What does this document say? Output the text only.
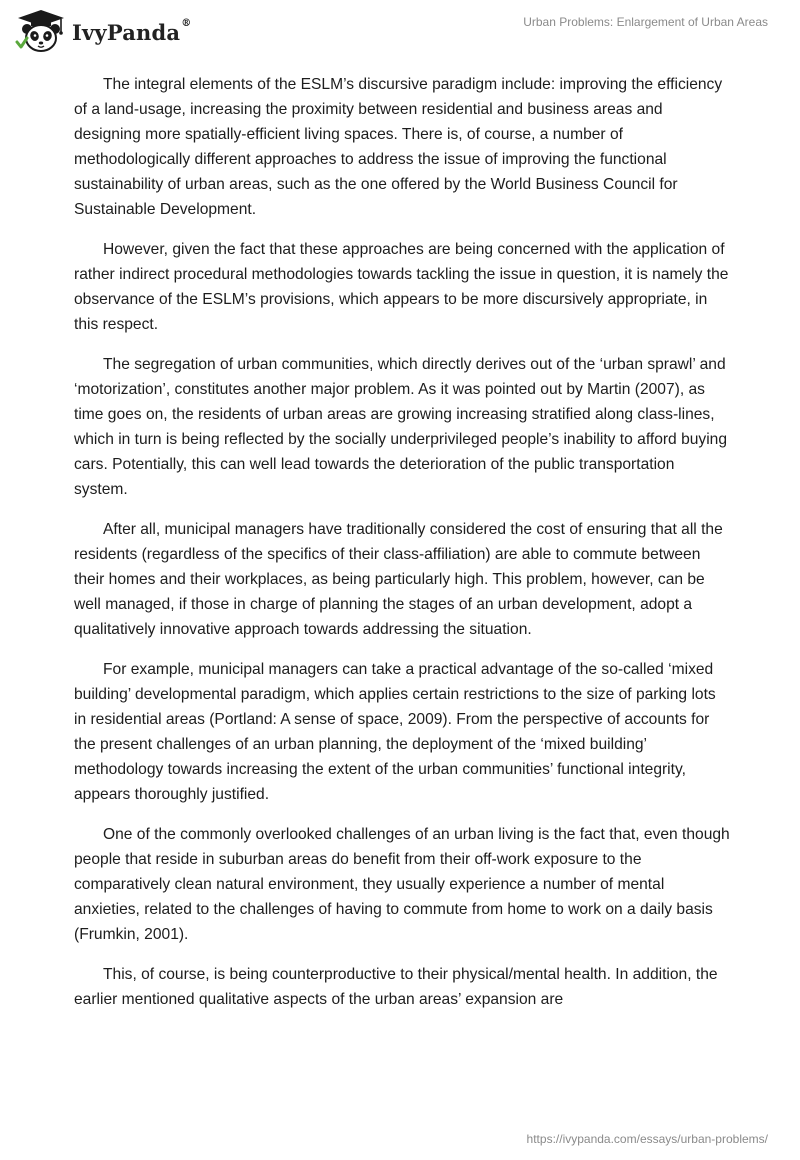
IvyPanda®	Urban Problems: Enlargement of Urban Areas

The integral elements of the ESLM’s discursive paradigm include: improving the efficiency of a land-usage, increasing the proximity between residential and business areas and designing more spatially-efficient living spaces. There is, of course, a number of methodologically different approaches to address the issue of improving the functional sustainability of urban areas, such as the one offered by the World Business Council for Sustainable Development.

However, given the fact that these approaches are being concerned with the application of rather indirect procedural methodologies towards tackling the issue in question, it is namely the observance of the ESLM’s provisions, which appears to be more discursively appropriate, in this respect.

The segregation of urban communities, which directly derives out of the ‘urban sprawl’ and ‘motorization’, constitutes another major problem. As it was pointed out by Martin (2007), as time goes on, the residents of urban areas are growing increasing stratified along class-lines, which in turn is being reflected by the socially underprivileged people’s inability to afford buying cars. Potentially, this can well lead towards the deterioration of the public transportation system.

After all, municipal managers have traditionally considered the cost of ensuring that all the residents (regardless of the specifics of their class-affiliation) are able to commute between their homes and their workplaces, as being particularly high. This problem, however, can be well managed, if those in charge of planning the stages of an urban development, adopt a qualitatively innovative approach towards addressing the situation.

For example, municipal managers can take a practical advantage of the so-called ‘mixed building’ developmental paradigm, which applies certain restrictions to the size of parking lots in residential areas (Portland: A sense of space, 2009). From the perspective of accounts for the present challenges of an urban planning, the deployment of the ‘mixed building’ methodology towards increasing the extent of the urban communities’ functional integrity, appears thoroughly justified.

One of the commonly overlooked challenges of an urban living is the fact that, even though people that reside in suburban areas do benefit from their off-work exposure to the comparatively clean natural environment, they usually experience a number of mental anxieties, related to the challenges of having to commute from home to work on a daily basis (Frumkin, 2001).

This, of course, is being counterproductive to their physical/mental health. In addition, the earlier mentioned qualitative aspects of the urban areas’ expansion are

https://ivypanda.com/essays/urban-problems/
